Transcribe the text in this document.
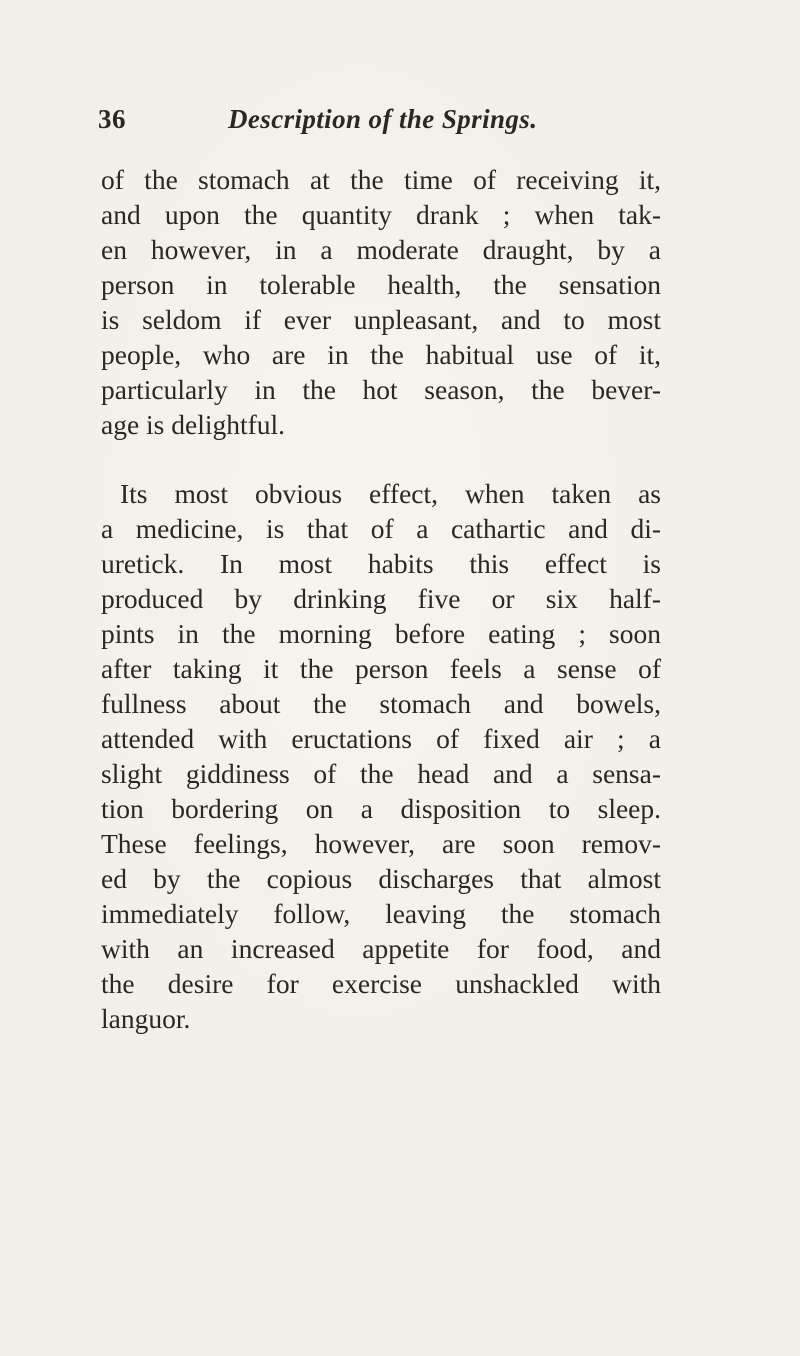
36	Description of the Springs.
of the stomach at the time of receiving it,
and upon the quantity drank ; when tak-
en however, in a moderate draught, by a
person in tolerable health, the sensation
is seldom if ever unpleasant, and to most
people, who are in the habitual use of it,
particularly in the hot season, the bever-
age is delightful.
Its most obvious effect, when taken as
a medicine, is that of a cathartic and di-
uretick. In most habits this effect is
produced by drinking five or six half-
pints in the morning before eating ; soon
after taking it the person feels a sense of
fullness about the stomach and bowels,
attended with eructations of fixed air ; a
slight giddiness of the head and a sensa-
tion bordering on a disposition to sleep.
These feelings, however, are soon remov-
ed by the copious discharges that almost
immediately follow, leaving the stomach
with an increased appetite for food, and
the desire for exercise unshackled with
languor.
